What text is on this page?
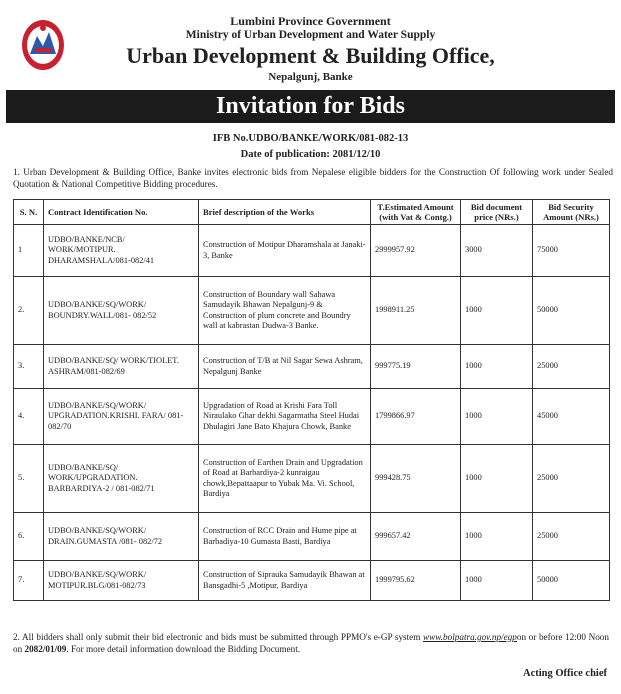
Lumbini Province Government
Ministry of Urban Development and Water Supply
Urban Development & Building Office,
Nepalgunj, Banke
Invitation for Bids
IFB No.UDBO/BANKE/WORK/081-082-13
Date of publication: 2081/12/10
1. Urban Development & Building Office, Banke invites electronic bids from Nepalese eligible bidders for the Construction Of following work under Sealed Quotation & National Competitive Bidding procedures.
S. N.	Contract Identification No.	Brief description of the Works	T.Estimated Amount (with Vat & Contg.)	Bid document price (NRs.)	Bid Security Amount (NRs.)
1	UDBO/BANKE/NCB/ WORK/MOTIPUR. DHARAMSHALA/081-082/41	Construction of Motipur Dharamshala at Janaki-3, Banke	2999957.92	3000	75000
2.	UDBO/BANKE/SQ/WORK/ BOUNDRY.WALL/081- 082/52	Construction of Boundary wall Sahawa Samudayik Bhawan Nepalgunj-9 & Construction of plum concrete and Boundry wall at kabrastan Dudwa-3 Banke.	1998911.25	1000	50000
3.	UDBO/BANKE/SQ/ WORK/TIOLET. ASHRAM/081-082/69	Construction of T/B at Nil Sagar Sewa Ashram, Nepalgunj Banke	999775.19	1000	25000
4.	UDBO/BANKE/SQ/WORK/ UPGRADATION.KRISHI. FARA/ 081-082/70	Upgradation of Road at Krishi Fara Toll Niraulako Ghar dekhi Sagarmatha Steel Hudai Dhulagiri Jane Bato Khajura Chowk, Banke	1799866.97	1000	45000
5.	UDBO/BANKE/SQ/ WORK/UPGRADATION. BARBARDIYA-2 / 081-082/71	Construction of Earthen Drain and Upgradation of Road at Barbardiya-2 kunraigau chowk,Bepattaapur to Yubak Ma. Vi. School, Bardiya	999428.75	1000	25000
6.	UDBO/BANKE/SQ/WORK/ DRAIN.GUMASTA /081- 082/72	Construction of RCC Drain and Hume pipe at Barbadiya-10 Gumasta Basti, Bardiya	999657.42	1000	25000
7.	UDBO/BANKE/SQ/WORK/ MOTIPUR.BLG/081-082/73	Construction of Siprauka Samudayik Bhawan at Bansgadhi-5 ,Motipur, Bardiya	1999795.62	1000	50000
2. All bidders shall only submit their bid electronic and bids must be submitted through PPMO's e-GP system www.bolpatra.gov.np/egpon or before 12:00 Noon on 2082/01/09. For more detail information download the Bidding Document.
Acting Office chief
